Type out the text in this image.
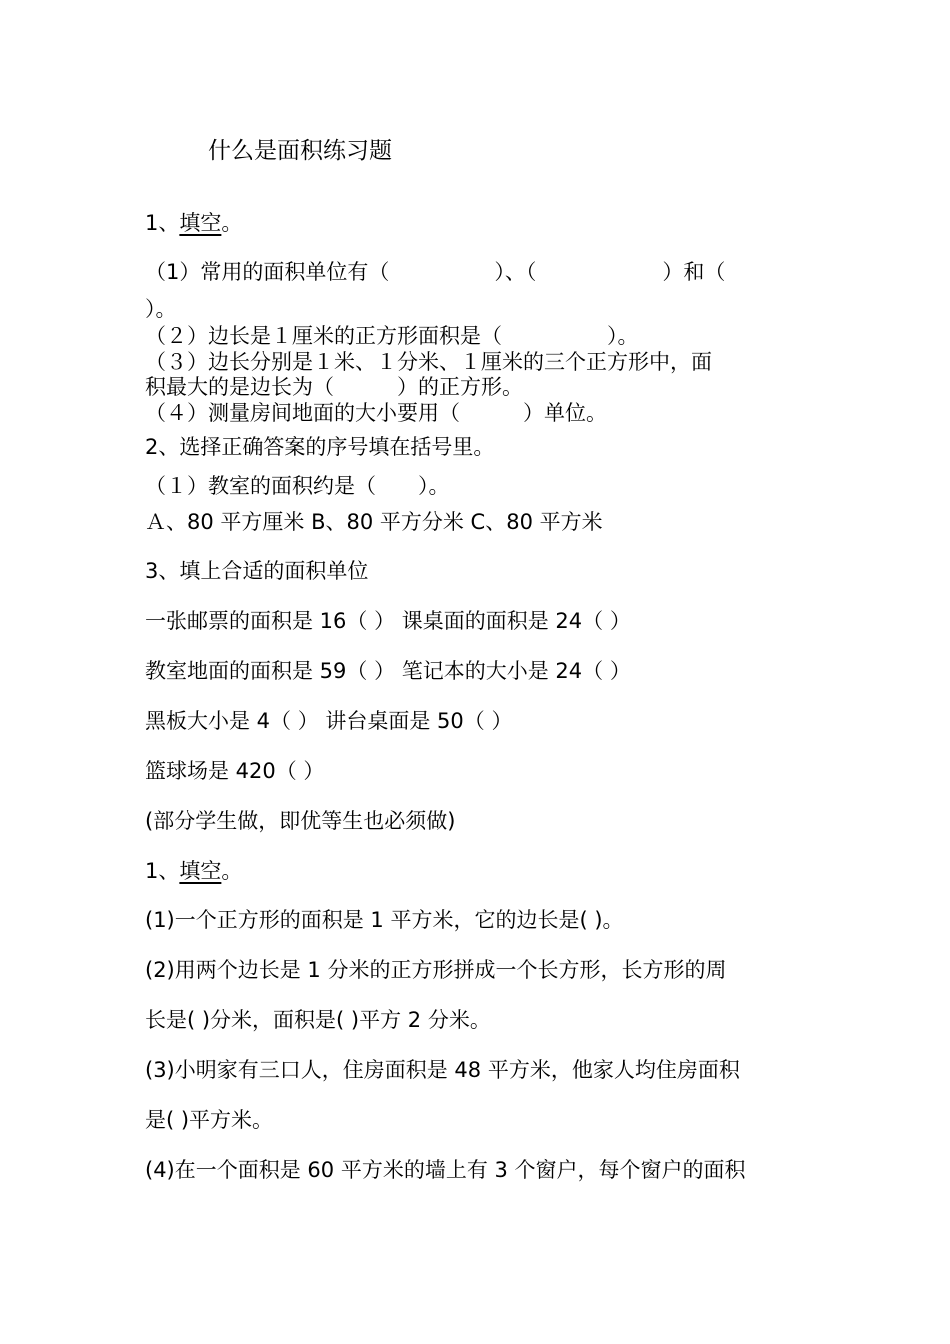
什么是面积练习题
1、填空。
（1）常用的面积单位有（　　　　　）、（　　　　　　）和（
）。
（２）边长是１厘米的正方形面积是（　　　　　）。
（３）边长分别是１米、１分米、１厘米的三个正方形中，面
积最大的是边长为（　　　）的正方形。
（４）测量房间地面的大小要用（　　　）单位。
2、选择正确答案的序号填在括号里。
（１）教室的面积约是（　　）。
Ａ、80 平方厘米 B、80 平方分米 C、80 平方米
3、填上合适的面积单位
一张邮票的面积是 16（ ） 课桌面的面积是 24（ ）
教室地面的面积是 59（ ） 笔记本的大小是 24（ ）
黑板大小是 4（ ） 讲台桌面是 50（ ）
篮球场是 420（ ）
(部分学生做，即优等生也必须做)
1、填空。
(1)一个正方形的面积是 1 平方米，它的边长是( )。
(2)用两个边长是 1 分米的正方形拼成一个长方形，长方形的周
长是( )分米，面积是( )平方 2 分米。
(3)小明家有三口人，住房面积是 48 平方米，他家人均住房面积
是( )平方米。
(4)在一个面积是 60 平方米的墙上有 3 个窗户，每个窗户的面积
